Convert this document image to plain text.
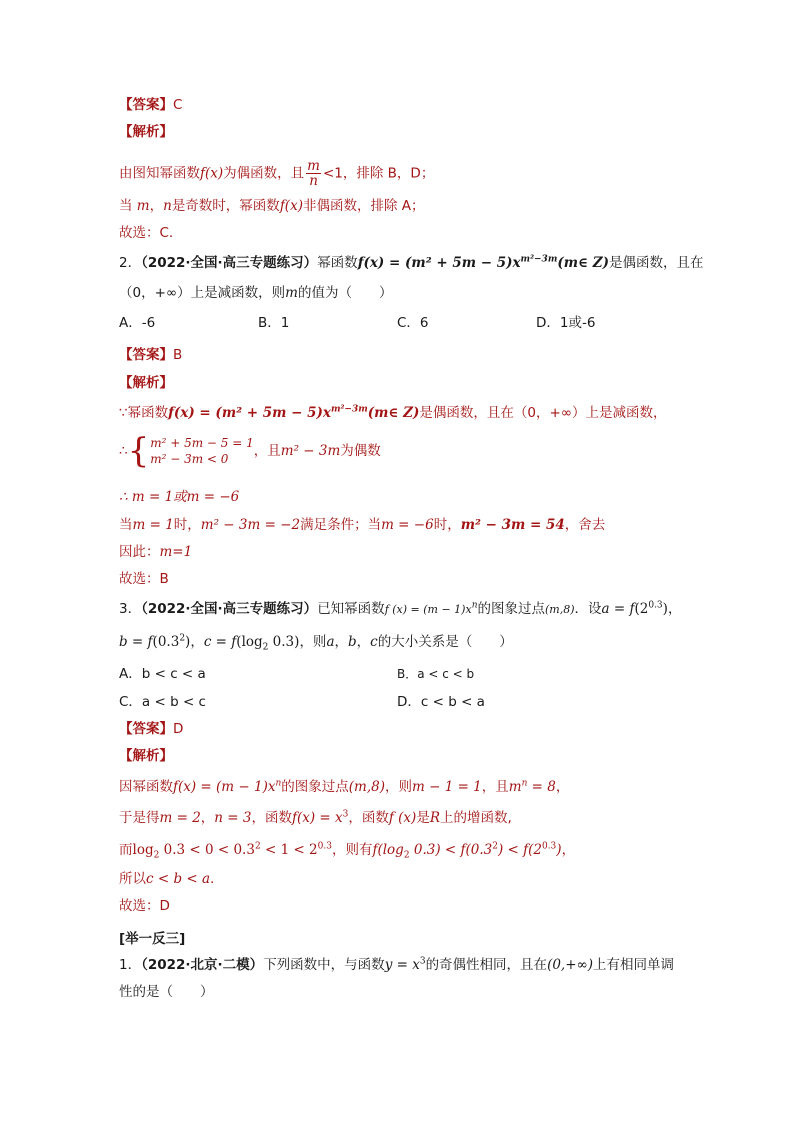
【答案】C
【解析】
由图知幂函数f(x)为偶函数，且 $\frac{m}{n} <1$，排除 B，D；
当 m，n是奇数时，幂函数f(x)非偶函数，排除 A；
故选：C.
2．（2022·全国·高三专题练习）幂函数$f(x) = (m^2 + 5m - 5)x^{m^2-3m}(m\in$ Z)是偶函数，且在
（0，+∞）上是减函数，则m的值为（　　）
A．-6	B．1	C．6	D．1或-6
【答案】B
【解析】
∵幂函数$f(x) = (m^2 + 5m - 5)x^{m^2-3m}(m\in$ Z)是偶函数，且在（0，+∞）上是减函数，
∴{ m² + 5m − 5 = 1
m² − 3m < 0	，且m² − 3m为偶数
∴ m = 1或m = −6
当m = 1时，m² − 3m = −2满足条件；当m = −6时，m² − 3m = 54，舍去
因此：m=1
故选：B
3．（2022·全国·高三专题练习）已知幂函数f $(x) = (m - 1)x^n$的图象过点(m,8)．设$a = f(2^{0.3})$，
$b = f(0.3^2)$，$c = f(\log_2$ 0.3)，则a，b，c的大小关系是（　　）
A．b < c < a	B．a < c < b
C．a < b < c	D．c < b < a
【答案】D
【解析】
因幂函数$f(x) = (m - 1)x^n$的图象过点(m,8)，则m − 1 = 1，且$m^n = 8$，
于是得m = 2，n = 3，函数$f(x) = x^3$，函数f (x)是R上的增函数,
而$\log_2 0.3 < 0 < 0.3^2 < 1 < 2^{0.3}$，则有$f(\log_2$ $0.3) < f(0.3^2) < f(2^{0.3})$，
所以c < b < a.
故选：D
[举一反三]
1．（2022·北京·二模）下列函数中，与函数$y = x^3$的奇偶性相同，且在(0,+∞)上有相同单调
性的是（　　）
